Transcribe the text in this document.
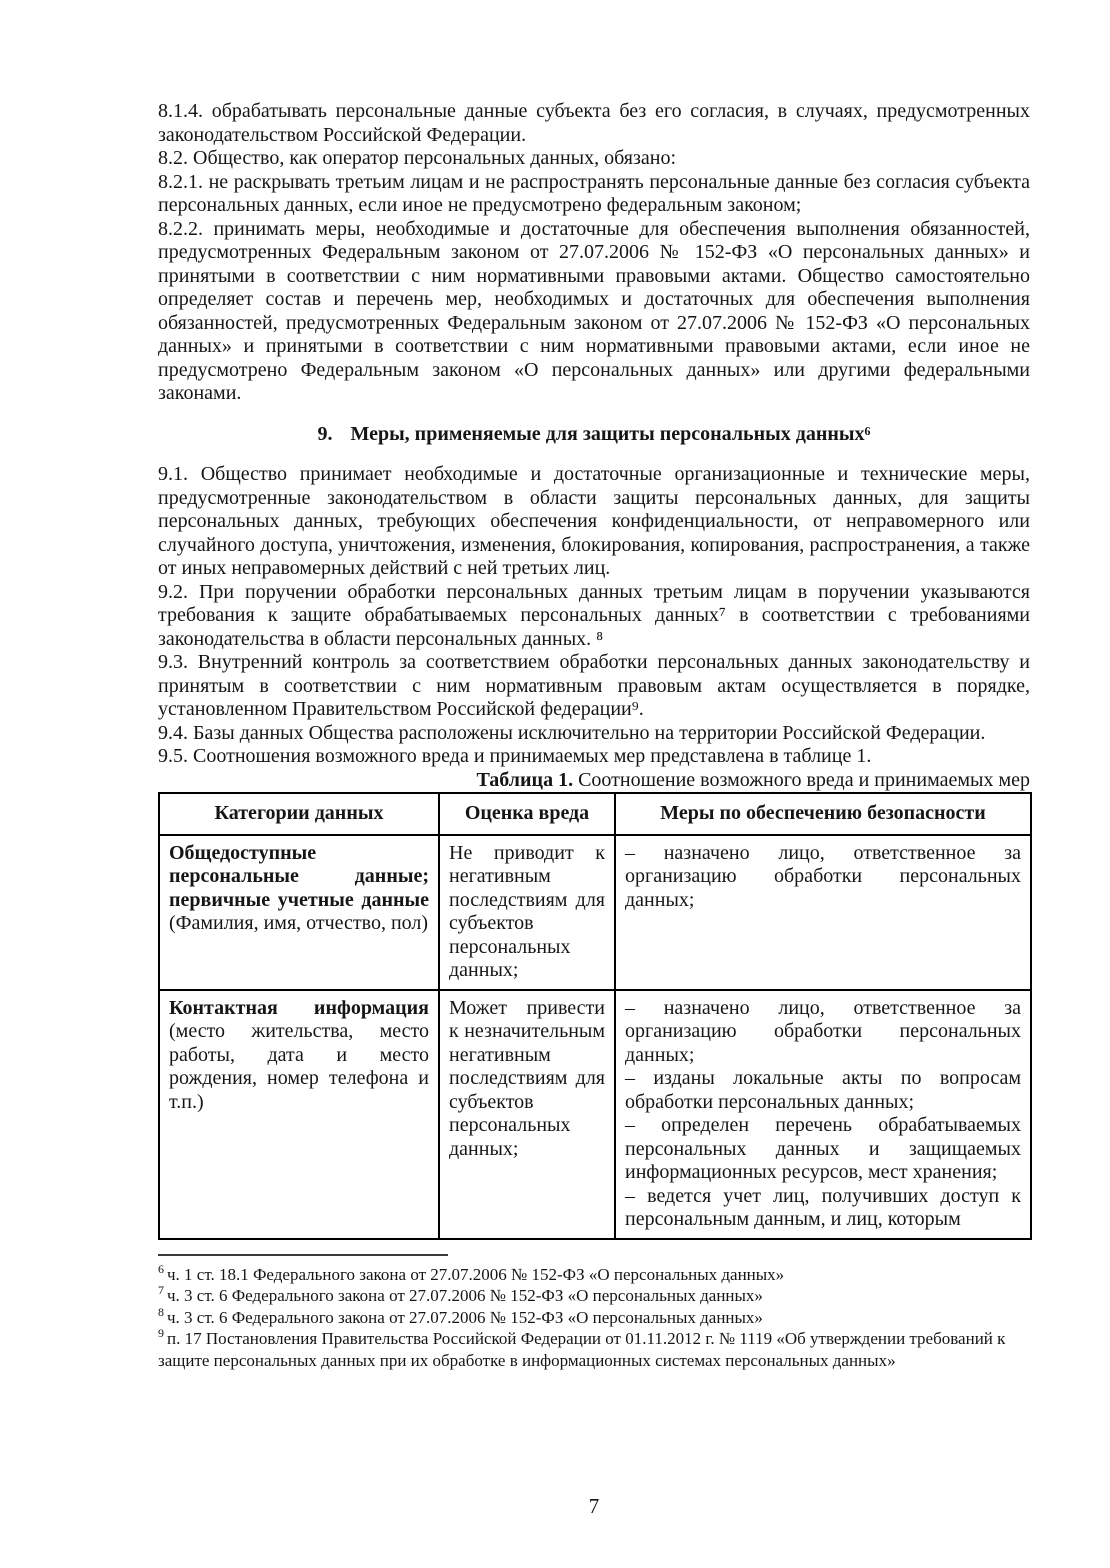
8.1.4. обрабатывать персональные данные субъекта без его согласия, в случаях, предусмотренных законодательством Российской Федерации.

8.2. Общество, как оператор персональных данных, обязано:

8.2.1. не раскрывать третьим лицам и не распространять персональные данные без согласия субъекта персональных данных, если иное не предусмотрено федеральным законом;

8.2.2. принимать меры, необходимые и достаточные для обеспечения выполнения обязанностей, предусмотренных Федеральным законом от 27.07.2006 № 152-ФЗ «О персональных данных» и принятыми в соответствии с ним нормативными правовыми актами. Общество самостоятельно определяет состав и перечень мер, необходимых и достаточных для обеспечения выполнения обязанностей, предусмотренных Федеральным законом от 27.07.2006 № 152-ФЗ «О персональных данных» и принятыми в соответствии с ним нормативными правовыми актами, если иное не предусмотрено Федеральным законом «О персональных данных» или другими федеральными законами.

9. Меры, применяемые для защиты персональных данных⁶

9.1. Общество принимает необходимые и достаточные организационные и технические меры, предусмотренные законодательством в области защиты персональных данных, для защиты персональных данных, требующих обеспечения конфиденциальности, от неправомерного или случайного доступа, уничтожения, изменения, блокирования, копирования, распространения, а также от иных неправомерных действий с ней третьих лиц.

9.2. При поручении обработки персональных данных третьим лицам в поручении указываются требования к защите обрабатываемых персональных данных⁷ в соответствии с требованиями законодательства в области персональных данных. ⁸

9.3. Внутренний контроль за соответствием обработки персональных данных законодательству и принятым в соответствии с ним нормативным правовым актам осуществляется в порядке, установленном Правительством Российской федерации⁹.

9.4. Базы данных Общества расположены исключительно на территории Российской Федерации.

9.5. Соотношения возможного вреда и принимаемых мер представлена в таблице 1.

Таблица 1. Соотношение возможного вреда и принимаемых мер

Категории данных	Оценка вреда	Меры по обеспечению безопасности
Общедоступные персональные данные; первичные учетные данные (Фамилия, имя, отчество, пол)	Не приводит к негативным последствиям для субъектов персональных данных;	– назначено лицо, ответственное за организацию обработки персональных данных;

Контактная информация (место жительства, место работы, дата и место рождения, номер телефона и т.п.)	Может привести к незначительным негативным последствиям для субъектов персональных данных;	– назначено лицо, ответственное за организацию обработки персональных данных;
– изданы локальные акты по вопросам обработки персональных данных;
– определен перечень обрабатываемых персональных данных и защищаемых информационных ресурсов, мест хранения;
– ведется учет лиц, получивших доступ к персональным данным, и лиц, которым

$^6$ ч. 1 ст. 18.1 Федерального закона от 27.07.2006 № 152-ФЗ «О персональных данных»

$^7$ ч. 3 ст. 6 Федерального закона от 27.07.2006 № 152-ФЗ «О персональных данных»

$^8$ ч. 3 ст. 6 Федерального закона от 27.07.2006 № 152-ФЗ «О персональных данных»

$^9$ п. 17 Постановления Правительства Российской Федерации от 01.11.2012 г. № 1119 «Об утверждении требований к защите персональных данных при их обработке в информационных системах персональных данных»

7
